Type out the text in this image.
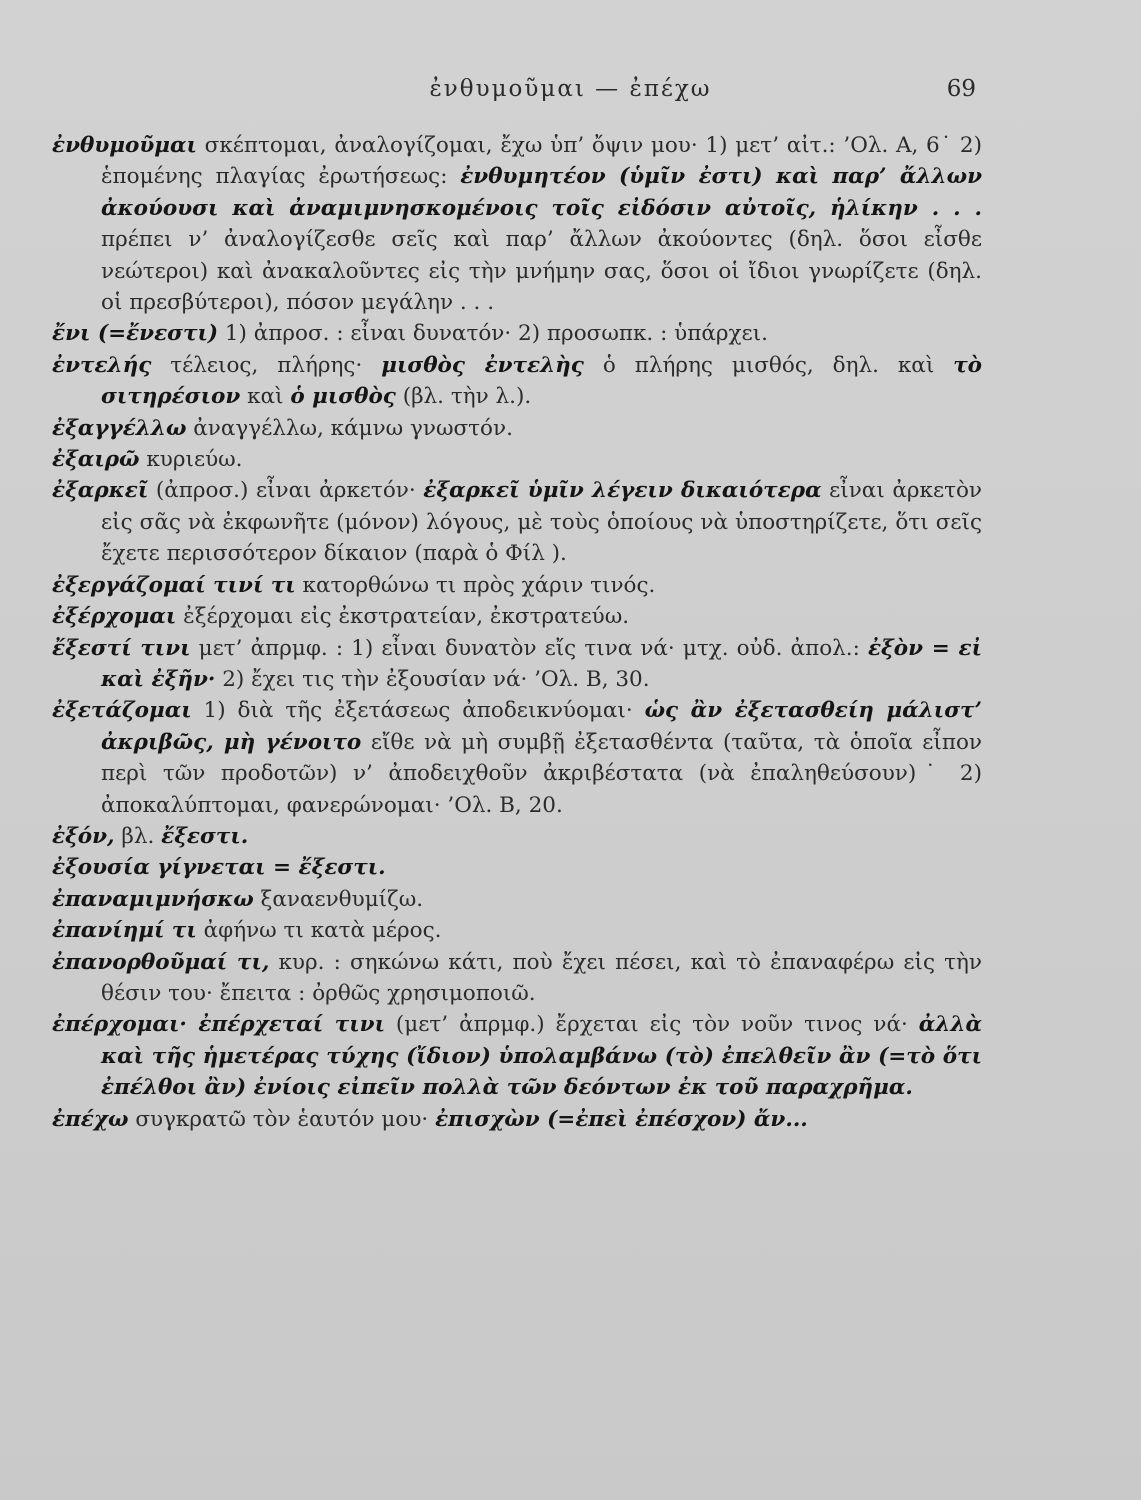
ἐνθυμοῦμαι — ἐπέχω	69

ἐνθυμοῦμαι σκέπτομαι, ἀναλογίζομαι, ἔχω ὑπ’ ὄψιν μου· 1) μετ’ αἰτ.: ’Ολ. Α, 6˙ 2) ἑπομένης πλαγίας ἐρωτήσεως: ἐνθυμητέον (ὑμῖν ἐστι) καὶ παρ’ ἄλλων ἀκούουσι καὶ ἀναμιμνησκομένοις τοῖς εἰδόσιν αὐτοῖς, ἡλίκην . . . πρέπει ν’ ἀναλογίζεσθε σεῖς καὶ παρ’ ἄλλων ἀκούοντες (δηλ. ὅσοι εἶσθε νεώτεροι) καὶ ἀνακαλοῦντες εἰς τὴν μνήμην σας, ὅσοι οἱ ἴδιοι γνωρίζετε (δηλ. οἱ πρεσβύτεροι), πόσον μεγάλην . . .

ἔνι (=ἔνεστι) 1) ἀπροσ. : εἶναι δυνατόν· 2) προσωπκ. : ὑπάρχει.

ἐντελής τέλειος, πλήρης· μισθὸς ἐντελὴς ὁ πλήρης μισθός, δηλ. καὶ τὸ σιτηρέσιον καὶ ὁ μισθὸς (βλ. τὴν λ.).

ἐξαγγέλλω ἀναγγέλλω, κάμνω γνωστόν.

ἐξαιρῶ κυριεύω.

ἐξαρκεῖ (ἀπροσ.) εἶναι ἀρκετόν· ἐξαρκεῖ ὑμῖν λέγειν δικαιότερα εἶναι ἀρκετὸν εἰς σᾶς νὰ ἐκφωνῆτε (μόνον) λόγους, μὲ τοὺς ὁποίους νὰ ὑποστηρίζετε, ὅτι σεῖς ἔχετε περισσότερον δίκαιον (παρὰ ὁ Φίλ ).

ἐξεργάζομαί τινί τι κατορθώνω τι πρὸς χάριν τινός.

ἐξέρχομαι ἐξέρχομαι εἰς ἐκστρατείαν, ἐκστρατεύω.

ἔξεστί τινι μετ’ ἀπρμφ. : 1) εἶναι δυνατὸν εἴς τινα νά· μτχ. οὐδ. ἀπολ.: ἐξὸν = εἰ καὶ ἐξῆν· 2) ἔχει τις τὴν ἐξουσίαν νά· ’Ολ. Β, 30.

ἐξετάζομαι 1) διὰ τῆς ἐξετάσεως ἀποδεικνύομαι· ὡς ἂν ἐξετασθείη μάλιστ’ ἀκριβῶς, μὴ γένοιτο εἴθε νὰ μὴ συμβῇ ἐξετασθέντα (ταῦτα, τὰ ὁποῖα εἶπον περὶ τῶν προδοτῶν) ν’ ἀποδειχθοῦν ἀκριβέστατα (νὰ ἐπαληθεύσουν)˙ 2) ἀποκαλύπτομαι, φανερώνομαι· ’Ολ. Β, 20.

ἐξόν, βλ. ἔξεστι.

ἐξουσία γίγνεται = ἔξεστι.

ἐπαναμιμνήσκω ξαναενθυμίζω.

ἐπανίημί τι ἀφήνω τι κατὰ μέρος.

ἐπανορθοῦμαί τι, κυρ. : σηκώνω κάτι, ποὺ ἔχει πέσει, καὶ τὸ ἐπαναφέρω εἰς τὴν θέσιν του· ἔπειτα : ὀρθῶς χρησιμοποιῶ.

ἐπέρχομαι· ἐπέρχεταί τινι (μετ’ ἀπρμφ.) ἔρχεται εἰς τὸν νοῦν τινος νά· ἀλλὰ καὶ τῆς ἡμετέρας τύχης (ἴδιον) ὑπολαμβάνω (τὸ) ἐπελθεῖν ἂν (=τὸ ὅτι ἐπέλθοι ἂν) ἐνίοις εἰπεῖν πολλὰ τῶν δεόντων ἐκ τοῦ παραχρῆμα.

ἐπέχω συγκρατῶ τὸν ἑαυτόν μου· ἐπισχὼν (=ἐπεὶ ἐπέσχον) ἄν...
